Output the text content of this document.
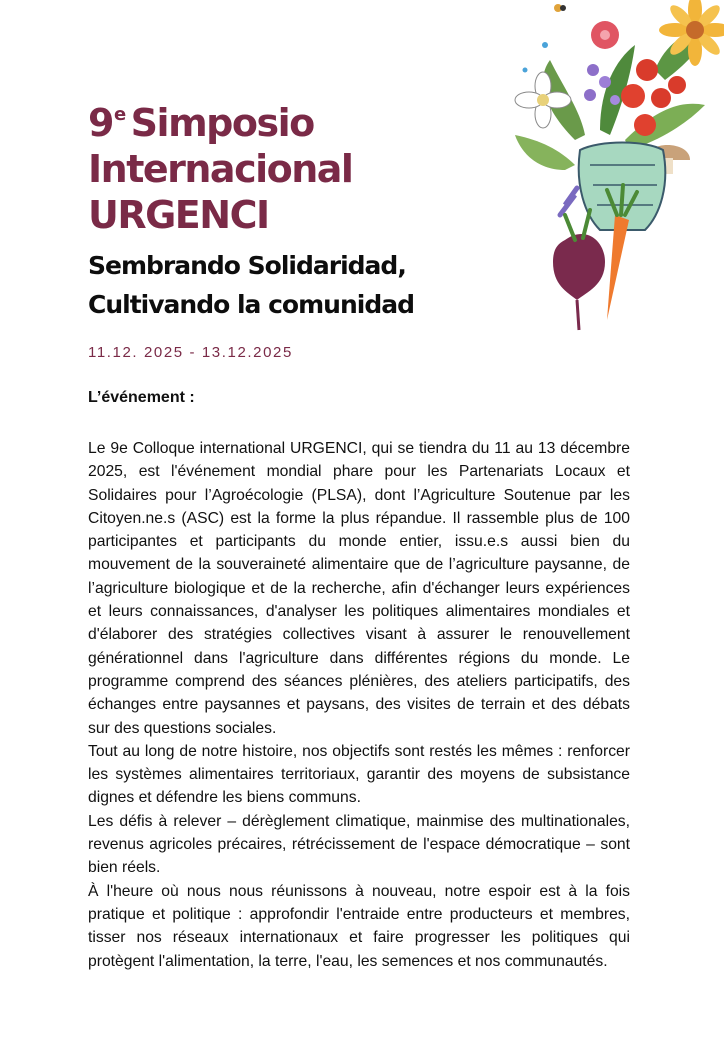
9e Simposio
Internacional
URGENCI
Sembrando Solidaridad,
Cultivando la comunidad
11.12. 2025 - 13.12.2025
L’événement :

Le 9e Colloque international URGENCI, qui se tiendra du 11 au 13 décembre 2025, est l'événement mondial phare pour les Partenariats Locaux et Solidaires pour l’Agroécologie (PLSA), dont l’Agriculture Soutenue par les Citoyen.ne.s (ASC) est la forme la plus répandue. Il rassemble plus de 100 participantes et participants du monde entier, issu.e.s aussi bien du mouvement de la souveraineté alimentaire que de l’agriculture paysanne, de l’agriculture biologique et de la recherche, afin d'échanger leurs expériences et leurs connaissances, d'analyser les politiques alimentaires mondiales et d'élaborer des stratégies collectives visant à assurer le renouvellement générationnel dans l'agriculture dans différentes régions du monde. Le programme comprend des séances plénières, des ateliers participatifs, des échanges entre paysannes et paysans, des visites de terrain et des débats sur des questions sociales.

Tout au long de notre histoire, nos objectifs sont restés les mêmes : renforcer les systèmes alimentaires territoriaux, garantir des moyens de subsistance dignes et défendre les biens communs.

Les défis à relever – dérèglement climatique, mainmise des multinationales, revenus agricoles précaires, rétrécissement de l'espace démocratique – sont bien réels.

À l'heure où nous nous réunissons à nouveau, notre espoir est à la fois pratique et politique : approfondir l'entraide entre producteurs et membres, tisser nos réseaux internationaux et faire progresser les politiques qui protègent l'alimentation, la terre, l'eau, les semences et nos communautés.
